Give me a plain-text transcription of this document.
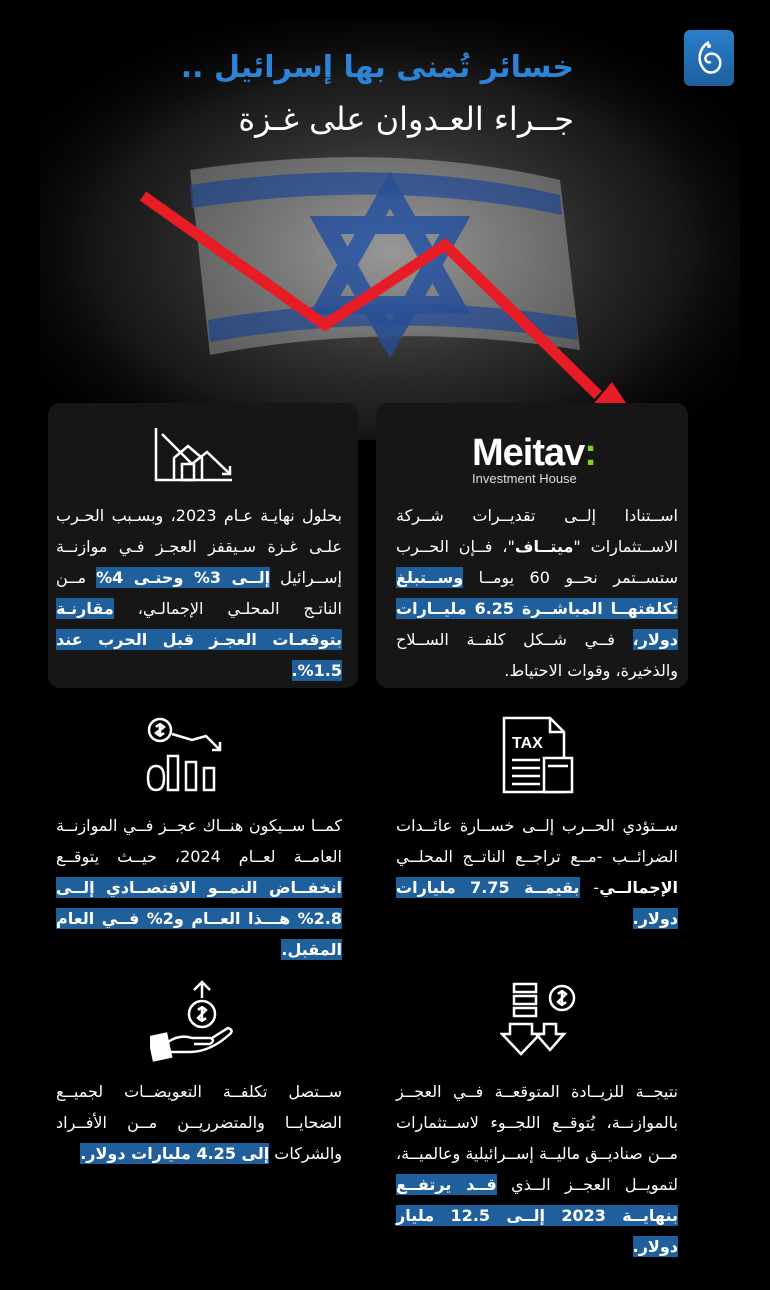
خسائر تُمنى بها إسرائيل ..
جــراء العـدوان على غـزة
بحلول نهايـة عـام 2023، وبسـبب الحـرب علـى غـزة سـيقفز العجـز فـي موازنــة إســرائيل إلــى 3% وحتـى 4% مــن الناتـج المحلـي الإجمالـي، مقارنـة بتوقعـات العجـز قبل الحرب عند 1.5%.
Meitav:
Investment House
اســتنادا إلــى تقديــرات شــركة الاســتثمارات "ميتــاف"، فــإن الحــرب ستســتمر نحــو 60 يومــا وســتبلغ تكلفتهــا المباشــرة 6.25 مليــارات دولار، فــي شــكل كلفــة الســلاح والذخيرة، وقوات الاحتياط.
كمــا ســيكون هنــاك عجــز فــي الموازنــة العامــة لعــام 2024، حيــث يتوقــع انخفــاض النمــو الاقتصــادي إلــى 2.8% هـــذا العــام و2% فــي العام المقبل.
TAX
ســتؤدي الحــرب إلــى خســارة عائــدات الضرائــب -مــع تراجــع الناتــج المحلــي الإجمالــي- بقيمــة 7.75 مليارات دولار.
ســتصل تكلفــة التعويضــات لجميــع الضحايــا والمتضرريــن مــن الأفــراد والشركات إلى 4.25 مليارات دولار.
نتيجــة للزيــادة المتوقعــة فــي العجــز بالموازنــة، يُتوقــع اللجــوء لاســتثمارات مــن صناديــق ماليــة إســرائيلية وعالميــة، لتمويــل العجــز الــذي قــد يرتفــع بنهايــة 2023 إلــى 12.5 مليار دولار.
